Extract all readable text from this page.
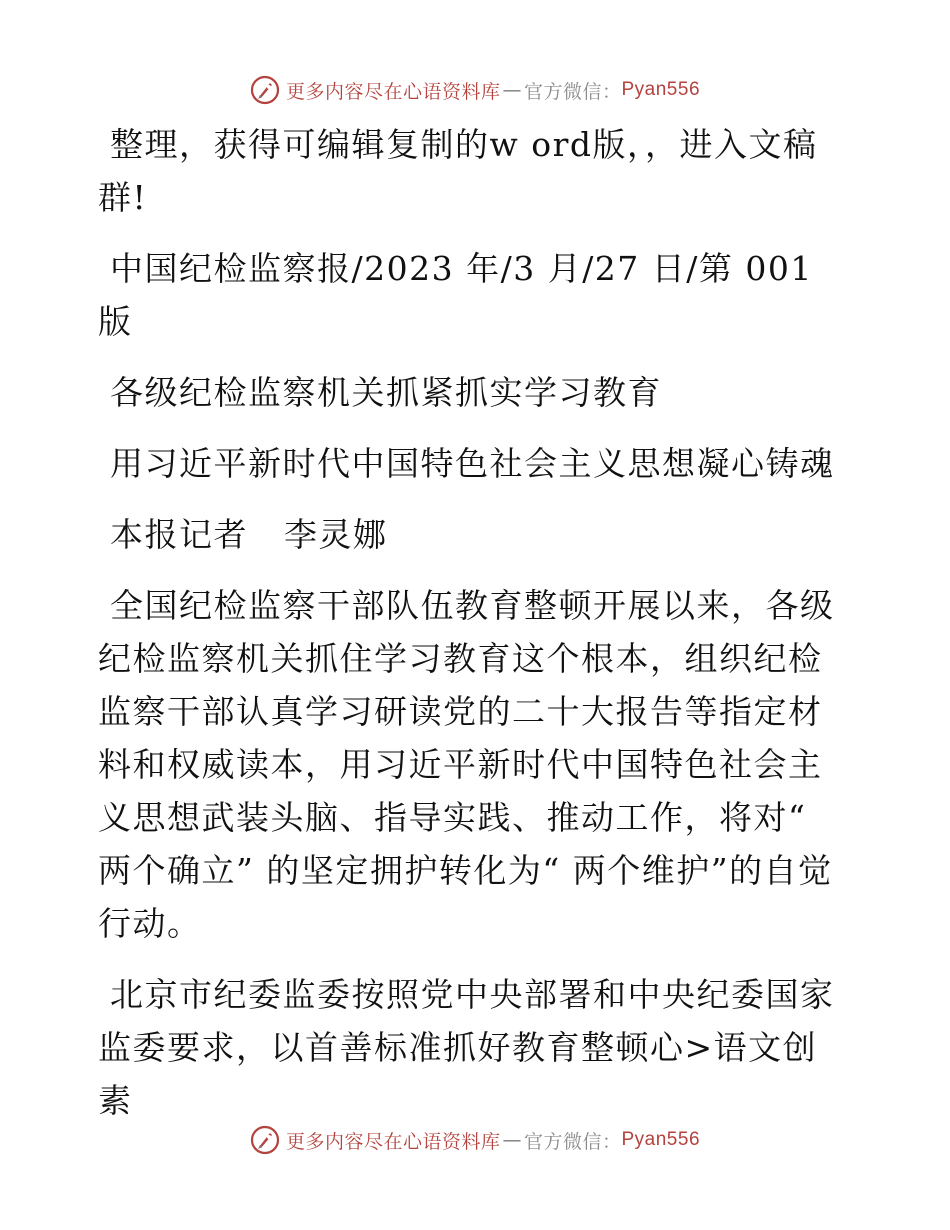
更多内容尽在心语资料库 — 官方微信： Pyan556

整理，获得可编辑复制的w ord版，，进入文稿

群!

中国纪检监察报/2023 年/3 月/27 日/第 001 版

各级纪检监察机关抓紧抓实学习教育

用习近平新时代中国特色社会主义思想凝心铸魂

本报记者   李灵娜

全国纪检监察干部队伍教育整顿开展以来，各级纪检监察机关抓住学习教育这个根本，组织纪检监察干部认真学习研读党的二十大报告等指定材料和权威读本，用习近平新时代中国特色社会主义思想武装头脑、指导实践、推动工作，将对“ 两个确立” 的坚定拥护转化为“ 两个维护”的自觉行动。

北京市纪委监委按照党中央部署和中央纪委国家监委要求，以首善标准抓好教育整顿心>语文创素

更多内容尽在心语资料库 — 官方微信： Pyan556
